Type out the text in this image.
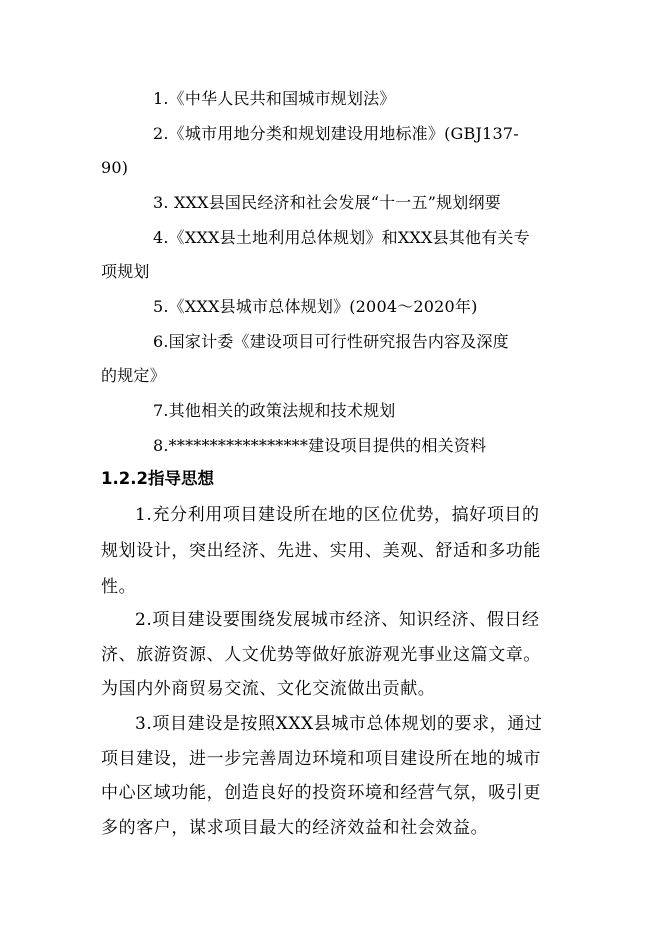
1.《中华人民共和国城市规划法》
2.《城市用地分类和规划建设用地标准》(GBJ137-
90)
3. XXX县国民经济和社会发展“十一五”规划纲要
4.《XXX县土地利用总体规划》和XXX县其他有关专
项规划
5.《XXX县城市总体规划》(2004～2020年)
6.国家计委《建设项目可行性研究报告内容及深度
的规定》
7.其他相关的政策法规和技术规划
8.*****************建设项目提供的相关资料
1.2.2指导思想
1.充分利用项目建设所在地的区位优势，搞好项目的
规划设计，突出经济、先进、实用、美观、舒适和多功能
性。
2.项目建设要围绕发展城市经济、知识经济、假日经
济、旅游资源、人文优势等做好旅游观光事业这篇文章。
为国内外商贸易交流、文化交流做出贡献。
3.项目建设是按照XXX县城市总体规划的要求，通过
项目建设，进一步完善周边环境和项目建设所在地的城市
中心区域功能，创造良好的投资环境和经营气氛，吸引更
多的客户，谋求项目最大的经济效益和社会效益。
